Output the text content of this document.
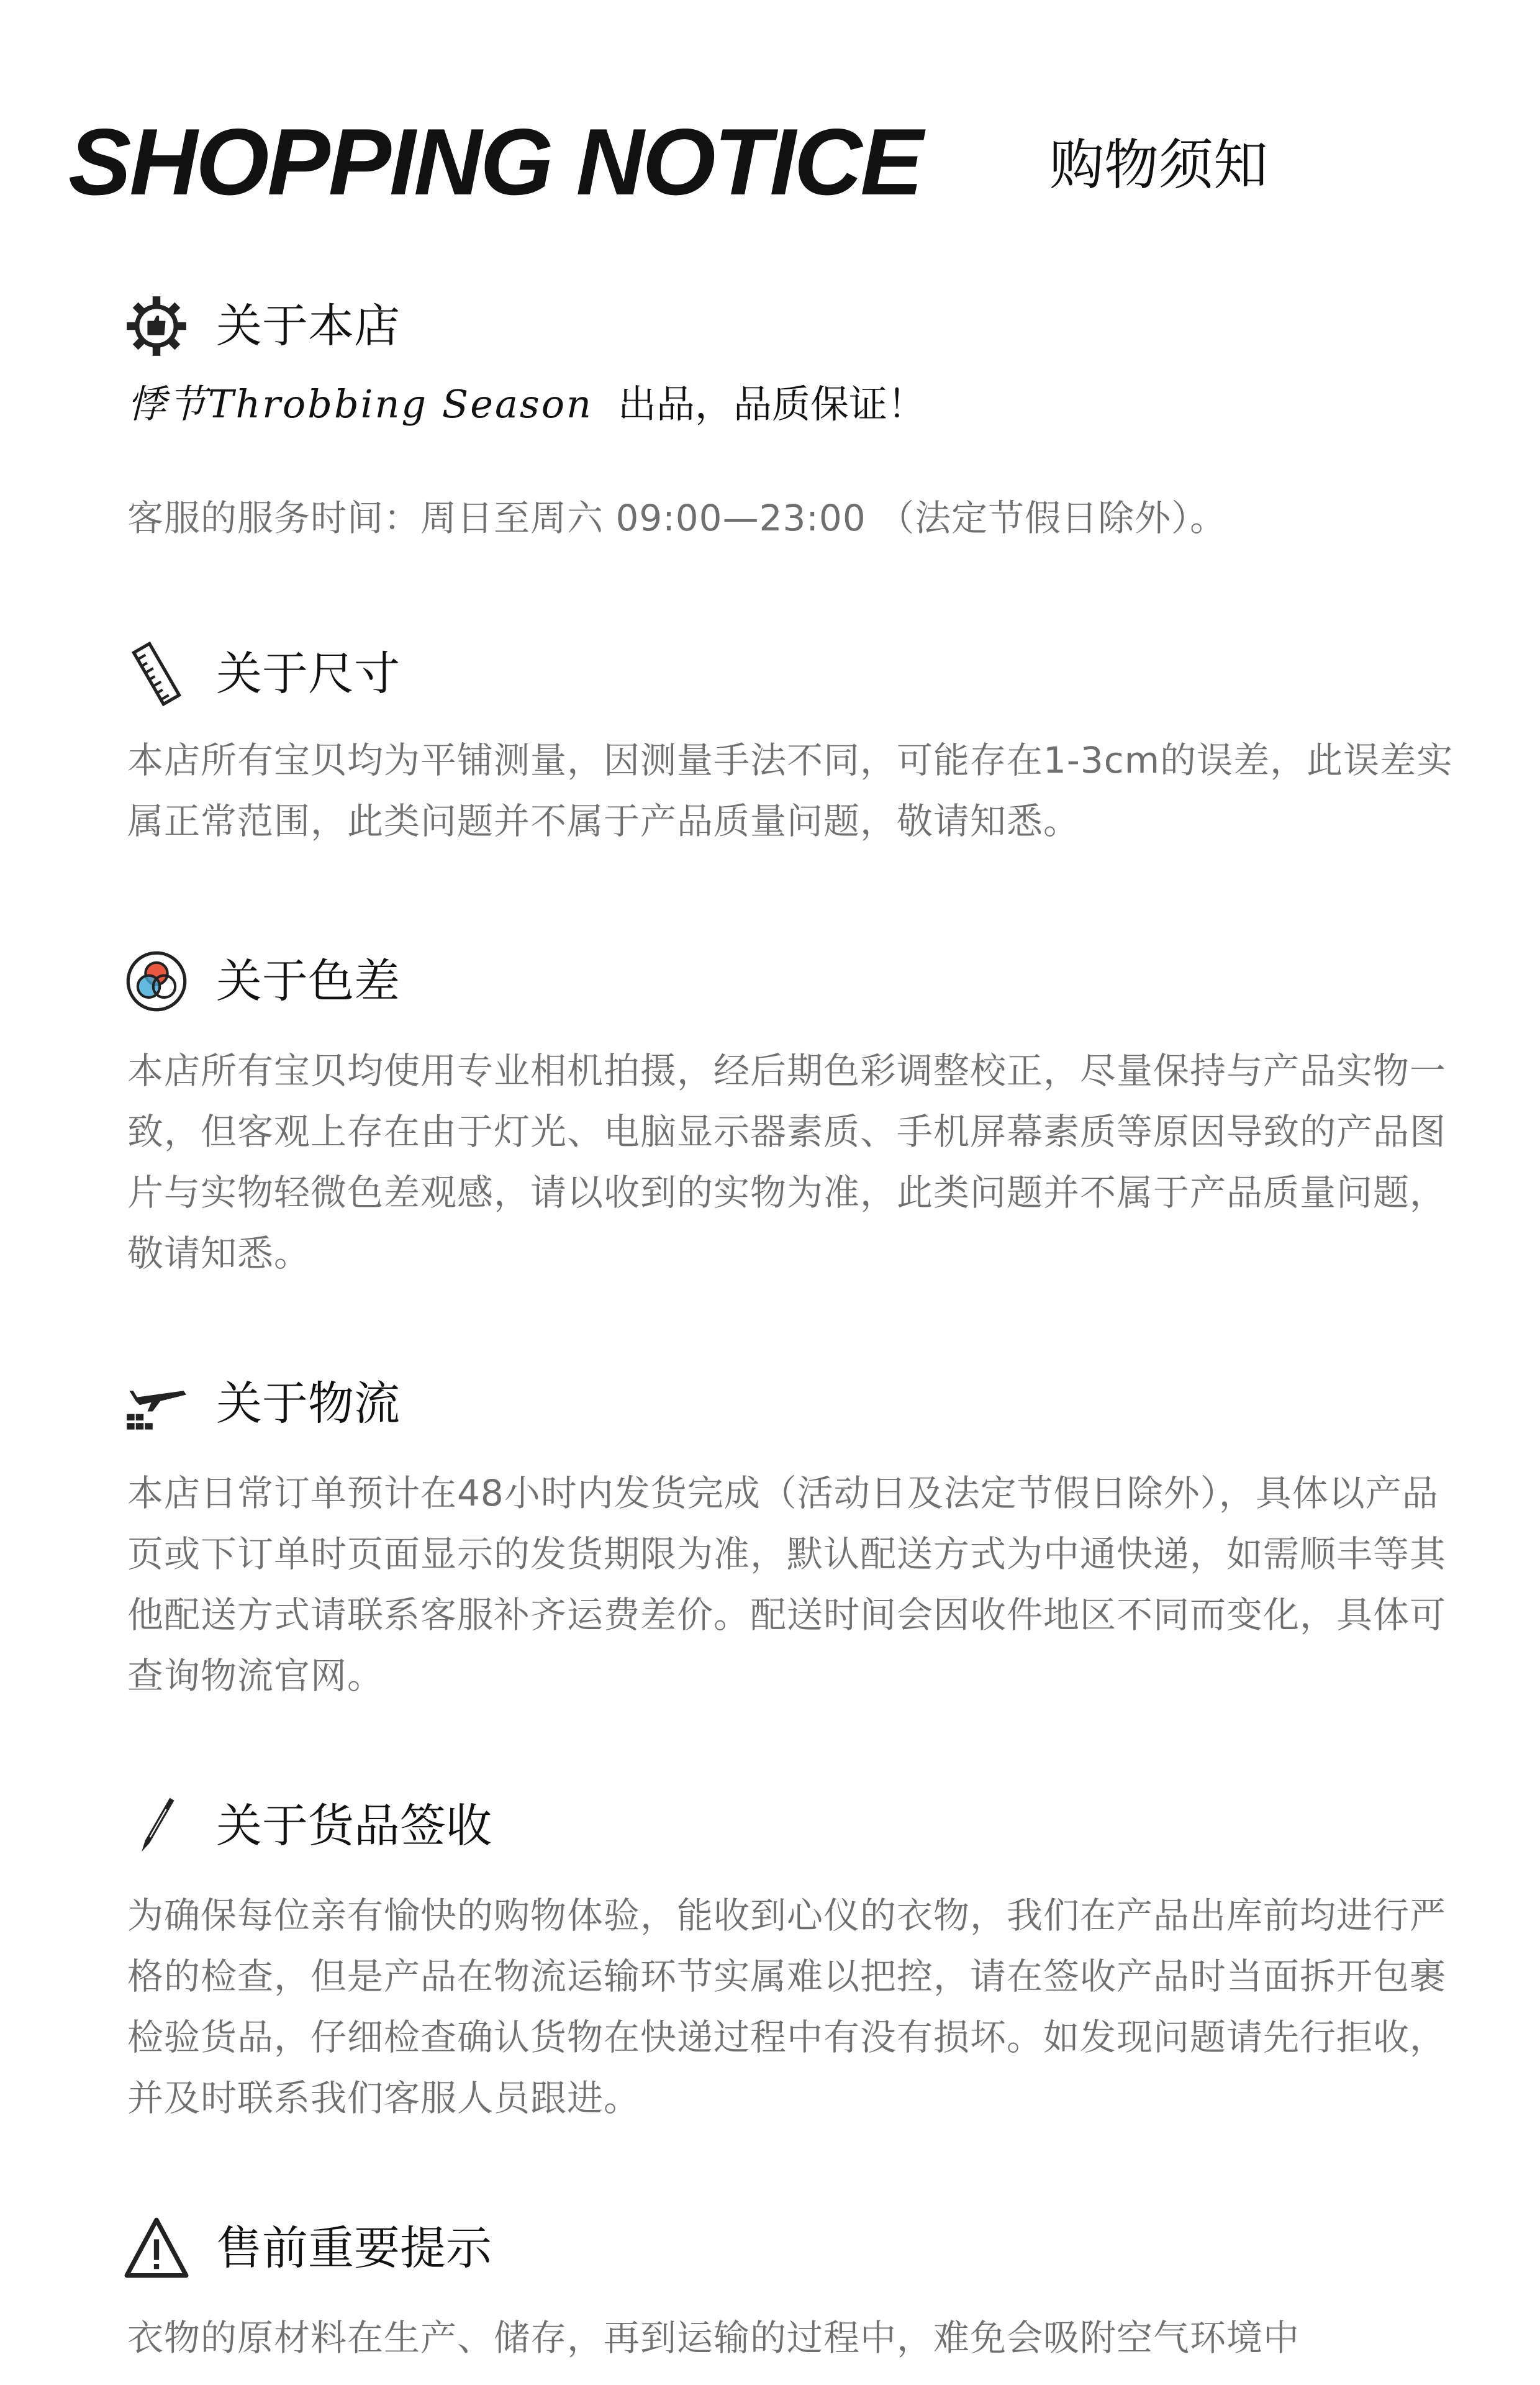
SHOPPING NOTICE 购物须知
关于本店
悸节Throbbing Season 出品，品质保证！
客服的服务时间：周日至周六 09:00—23:00 （法定节假日除外）。
关于尺寸
本店所有宝贝均为平铺测量，因测量手法不同，可能存在1-3cm的误差，此误差实属正常范围，此类问题并不属于产品质量问题，敬请知悉。
关于色差
本店所有宝贝均使用专业相机拍摄，经后期色彩调整校正，尽量保持与产品实物一致，但客观上存在由于灯光、电脑显示器素质、手机屏幕素质等原因导致的产品图片与实物轻微色差观感，请以收到的实物为准，此类问题并不属于产品质量问题，敬请知悉。
关于物流
本店日常订单预计在48小时内发货完成（活动日及法定节假日除外），具体以产品页或下订单时页面显示的发货期限为准，默认配送方式为中通快递，如需顺丰等其他配送方式请联系客服补齐运费差价。配送时间会因收件地区不同而变化，具体可查询物流官网。
关于货品签收
为确保每位亲有愉快的购物体验，能收到心仪的衣物，我们在产品出库前均进行严格的检查，但是产品在物流运输环节实属难以把控，请在签收产品时当面拆开包裹检验货品，仔细检查确认货物在快递过程中有没有损坏。如发现问题请先行拒收，并及时联系我们客服人员跟进。
售前重要提示
衣物的原材料在生产、储存，再到运输的过程中，难免会吸附空气环境中
